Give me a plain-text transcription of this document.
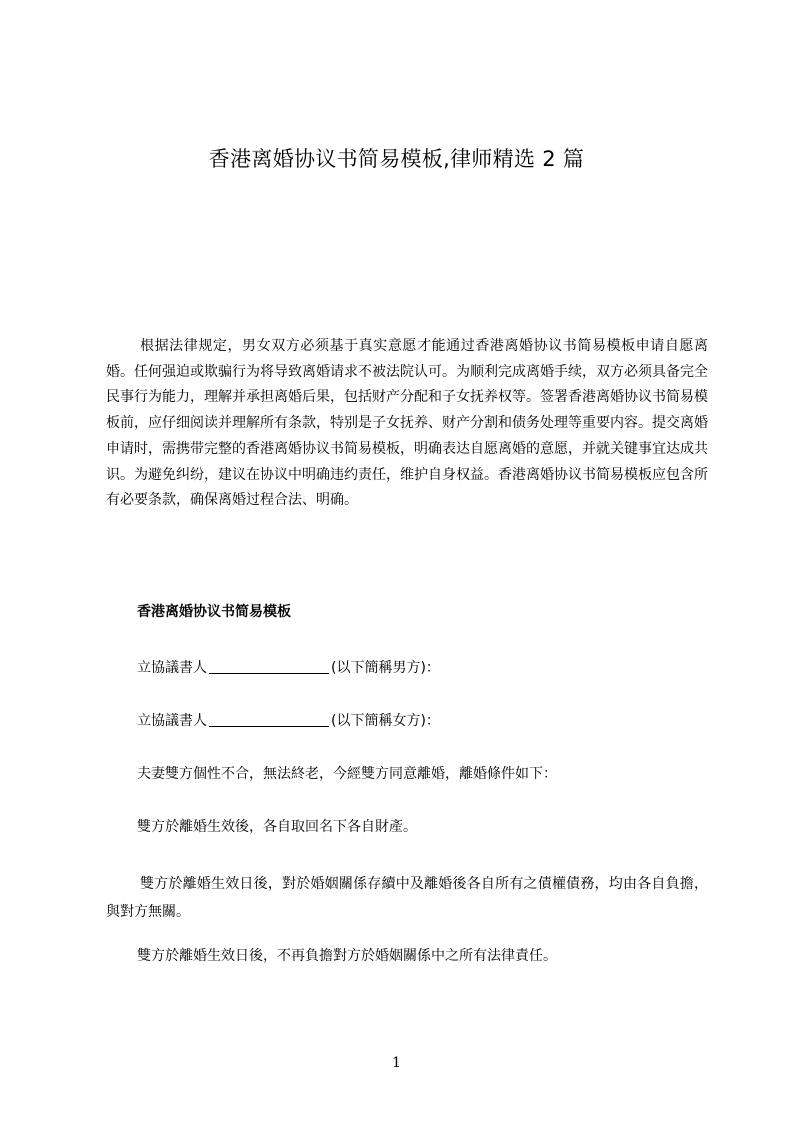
香港离婚协议书简易模板,律师精选 2 篇

根据法律规定，男女双方必须基于真实意愿才能通过香港离婚协议书简易模板申请自愿离婚。任何强迫或欺骗行为将导致离婚请求不被法院认可。为顺利完成离婚手续，双方必须具备完全民事行为能力，理解并承担离婚后果，包括财产分配和子女抚养权等。签署香港离婚协议书简易模板前，应仔细阅读并理解所有条款，特别是子女抚养、财产分割和债务处理等重要内容。提交离婚申请时，需携带完整的香港离婚协议书简易模板，明确表达自愿离婚的意愿，并就关键事宜达成共识。为避免纠纷，建议在协议中明确违约责任，维护自身权益。香港离婚协议书简易模板应包含所有必要条款，确保离婚过程合法、明确。

香港离婚协议书简易模板

立協議書人	(以下簡稱男方)：

立協議書人	(以下簡稱女方)：

夫妻雙方個性不合，無法終老，今經雙方同意離婚，離婚條件如下：

雙方於離婚生效後，各自取回名下各自財產。

雙方於離婚生效日後，對於婚姻關係存續中及離婚後各自所有之債權債務，均由各自負擔，與對方無關。

雙方於離婚生效日後，不再負擔對方於婚姻關係中之所有法律責任。

1
